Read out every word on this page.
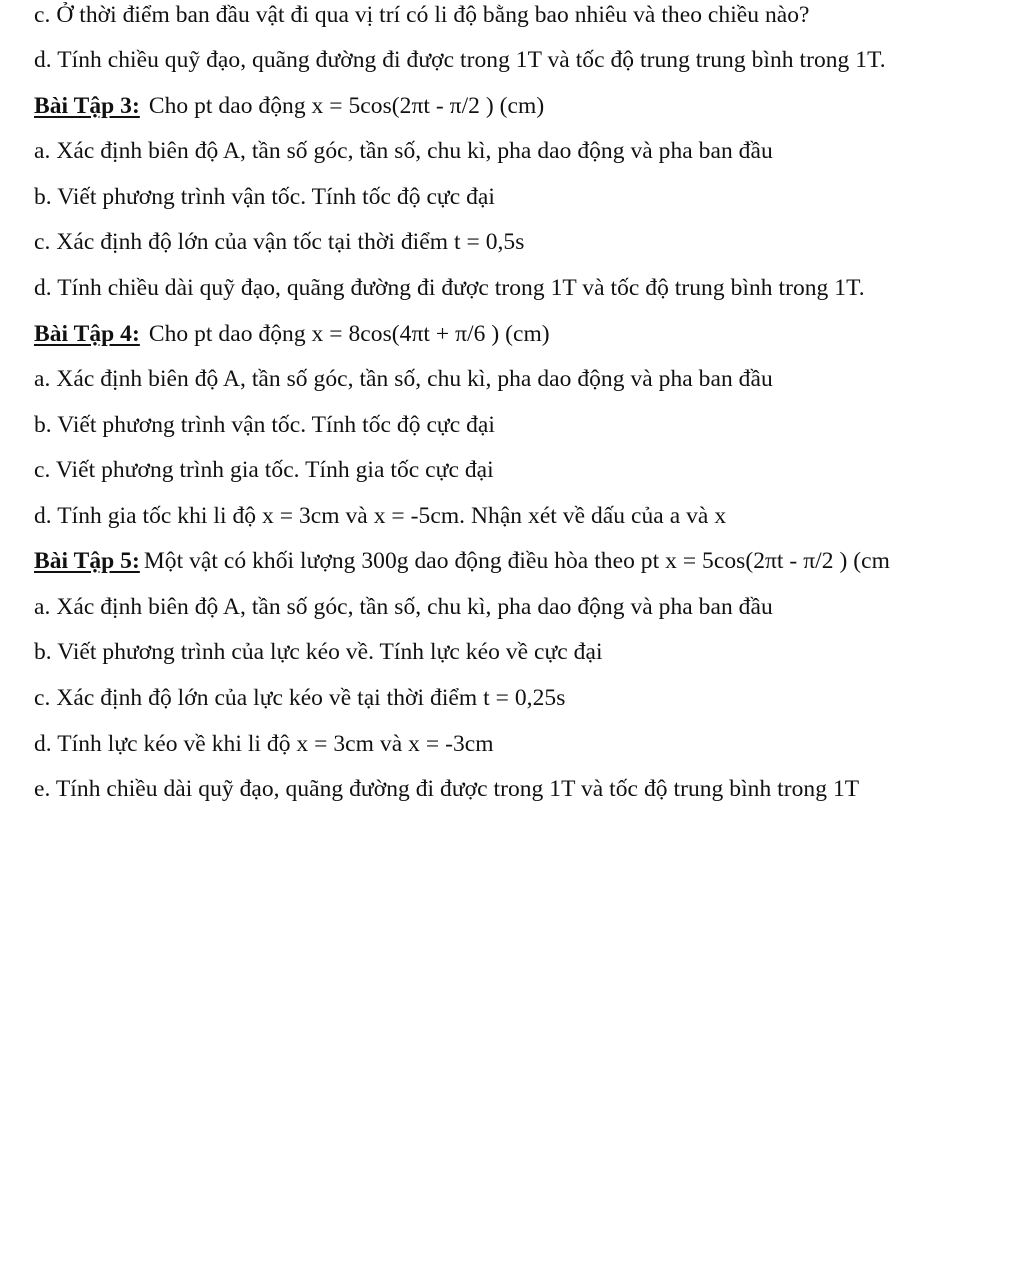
c. Ở thời điểm ban đầu vật đi qua vị trí có li độ bằng bao nhiêu và theo chiều nào?
d. Tính chiều quỹ đạo, quãng đường đi được trong 1T và tốc độ trung trung bình trong 1T.
Bài Tập 3: Cho pt dao động x = 5cos(2πt - π/2 ) (cm)
a. Xác định biên độ A, tần số góc, tần số, chu kì, pha dao động và pha ban đầu
b. Viết phương trình vận tốc. Tính tốc độ cực đại
c. Xác định độ lớn của vận tốc tại thời điểm t = 0,5s
d. Tính chiều dài quỹ đạo, quãng đường đi được trong 1T và tốc độ trung bình trong 1T.
Bài Tập 4: Cho pt dao động x = 8cos(4πt + π/6 ) (cm)
a. Xác định biên độ A, tần số góc, tần số, chu kì, pha dao động và pha ban đầu
b. Viết phương trình vận tốc. Tính tốc độ cực đại
c. Viết phương trình gia tốc. Tính gia tốc cực đại
d. Tính gia tốc khi li độ x = 3cm và x = -5cm. Nhận xét về dấu của a và x
Bài Tập 5: Một vật có khối lượng 300g dao động điều hòa theo pt x = 5cos(2πt - π/2 ) (cm
a. Xác định biên độ A, tần số góc, tần số, chu kì, pha dao động và pha ban đầu
b. Viết phương trình của lực kéo về. Tính lực kéo về cực đại
c. Xác định độ lớn của lực kéo về tại thời điểm t = 0,25s
d. Tính lực kéo về khi li độ x = 3cm và x = -3cm
e. Tính chiều dài quỹ đạo, quãng đường đi được trong 1T và tốc độ trung bình trong 1T
